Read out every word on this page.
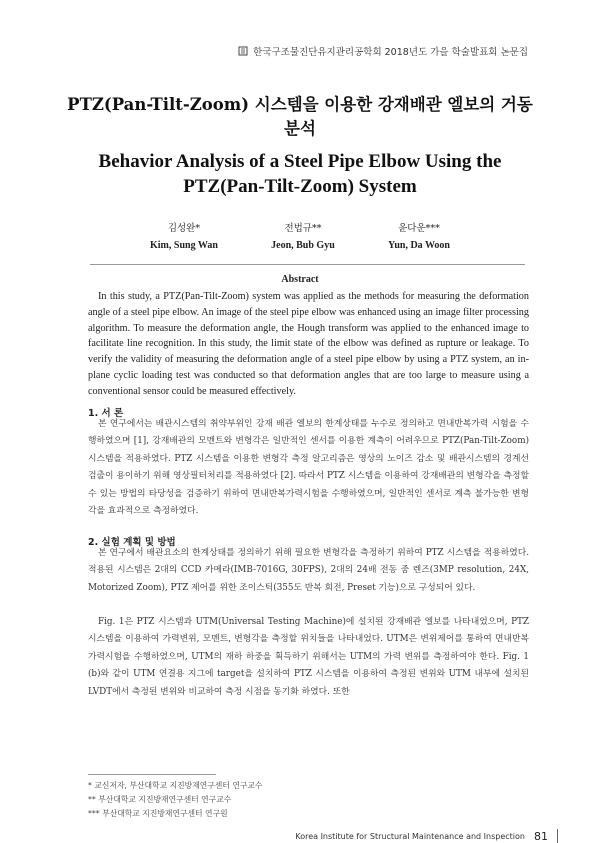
한국구조물진단유지관리공학회 2018년도 가을 학술발표회 논문집
PTZ(Pan-Tilt-Zoom) 시스템을 이용한 강재배관 엘보의 거동 분석
Behavior Analysis of a Steel Pipe Elbow Using the PTZ(Pan-Tilt-Zoom) System
김성완*
Kim, Sung Wan
전법규**
Jeon, Bub Gyu
윤다운***
Yun, Da Woon
Abstract

In this study, a PTZ(Pan-Tilt-Zoom) system was applied as the methods for measuring the deformation angle of a steel pipe elbow. An image of the steel pipe elbow was enhanced using an image filter processing algorithm. To measure the deformation angle, the Hough transform was applied to the enhanced image to facilitate line recognition. In this study, the limit state of the elbow was defined as rupture or leakage. To verify the validity of measuring the deformation angle of a steel pipe elbow by using a PTZ system, an in-plane cyclic loading test was conducted so that deformation angles that are too large to measure using a conventional sensor could be measured effectively.

1. 서 론

본 연구에서는 배관시스템의 취약부위인 강재 배관 엘보의 한계상태를 누수로 정의하고 면내반복가력 시험을 수행하였으며 [1], 강재배관의 모멘트와 변형각은 일반적인 센서를 이용한 계측이 어려우므로 PTZ(Pan-Tilt-Zoom) 시스템을 적용하였다. PTZ 시스템을 이용한 변형각 측정 알고리즘은 영상의 노이즈 감소 및 배관시스템의 경계선 검출이 용이하기 위해 영상필터처리를 적용하였다 [2]. 따라서 PTZ 시스템을 이용하여 강재배관의 변형각을 측정할 수 있는 방법의 타당성을 검증하기 위하여 면내반복가력시험을 수행하였으며, 일반적인 센서로 계측 불가능한 변형각을 효과적으로 측정하였다.

2. 실험 계획 및 방법

본 연구에서 배관요소의 한계상태를 정의하기 위해 필요한 변형각을 측정하기 위하여 PTZ 시스템을 적용하였다. 적용된 시스템은 2대의 CCD 카메라(IMB-7016G, 30FPS), 2대의 24배 전동 줌 렌즈(3MP resolution, 24X, Motorized Zoom), PTZ 제어를 위한 조이스틱(355도 반복 회전, Preset 기능)으로 구성되어 있다.

Fig. 1은 PTZ 시스템과 UTM(Universal Testing Machine)에 설치된 강재배관 엘보를 나타내었으며, PTZ 시스템을 이용하여 가력변위, 모멘트, 변형각을 측정할 위치들을 나타내었다. UTM은 변위제어를 통하여 면내반복가력시험을 수행하였으며, UTM의 재하 하중을 획득하기 위해서는 UTM의 가력 변위를 측정하여야 한다. Fig. 1 (b)와 같이 UTM 연결용 지그에 target을 설치하여 PTZ 시스템을 이용하여 측정된 변위와 UTM 내부에 설치된 LVDT에서 측정된 변위와 비교하여 측정 시점을 동기화 하였다. 또한

* 교신저자, 부산대학교 지진방재연구센터 연구교수
** 부산대학교 지진방재연구센터 연구교수
*** 부산대학교 지진방재연구센터 연구원
Korea Institute for Structural Maintenance and Inspection 81
